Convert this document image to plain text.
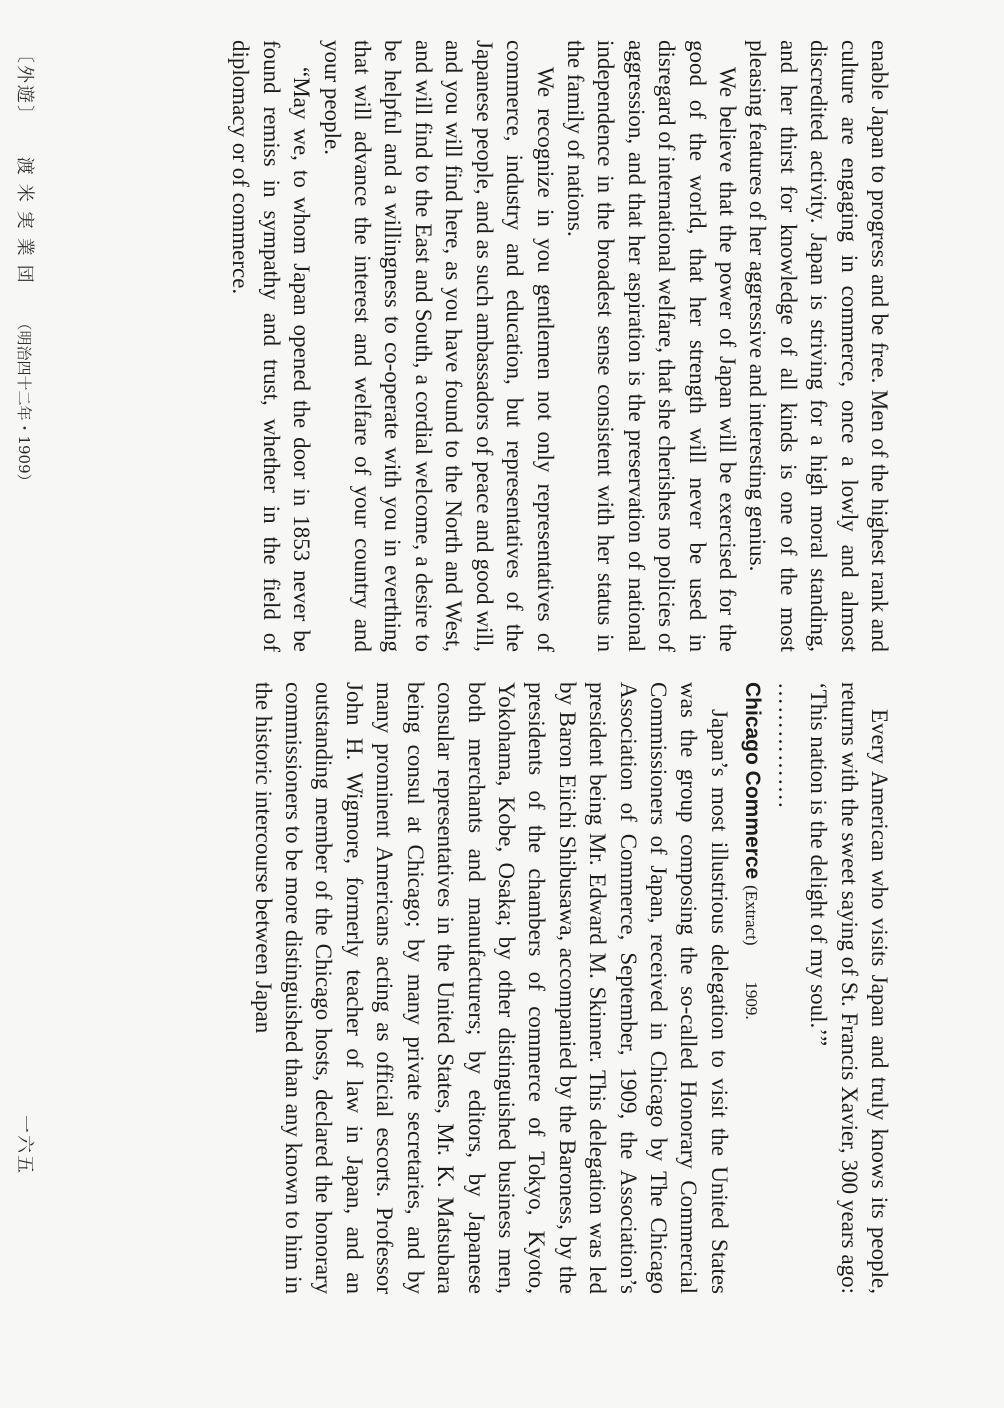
enable Japan to progress and be free. Men of the highest rank and culture are engaging in commerce, once a lowly and almost discredited activity. Japan is striving for a high moral standing, and her thirst for knowledge of all kinds is one of the most pleasing features of her aggressive and interesting genius.

We believe that the power of Japan will be exercised for the good of the world, that her strength will never be used in disregard of international welfare, that she cherishes no policies of aggression, and that her aspiration is the preservation of national independence in the broadest sense consistent with her status in the family of nations.

We recognize in you gentlemen not only representatives of commerce, industry and education, but representatives of the Japanese people, and as such ambassadors of peace and good will, and you will find here, as you have found to the North and West, and will find to the East and South, a cordial welcome, a desire to be helpful and a willingness to co-operate with you in everthing that will advance the interest and welfare of your country and your people.

“May we, to whom Japan opened the door in 1853 never be found remiss in sympathy and trust, whether in the field of diplomacy or of commerce.

Every American who visits Japan and truly knows its people, returns with the sweet saying of St. Francis Xavier, 300 years ago: ‘This nation is the delight of my soul.’”

…………….

Chicago Commerce (Extract) 1909.

Japan’s most illustrious delegation to visit the United States was the group composing the so-called Honorary Commercial Commissioners of Japan, received in Chicago by The Chicago Association of Commerce, September, 1909, the Association’s president being Mr. Edward M. Skinner. This delegation was led by Baron Eiichi Shibusawa, accompanied by the Baroness, by the presidents of the chambers of commerce of Tokyo, Kyoto, Yokohama, Kobe, Osaka; by other distinguished business men, both merchants and manufacturers; by editors, by Japanese consular representatives in the United States, Mr. K. Matsubara being consul at Chicago; by many private secretaries, and by many prominent Americans acting as official escorts. Professor John H. Wigmore, formerly teacher of law in Japan, and an outstanding member of the Chicago hosts, declared the honorary commissioners to be more distinguished than any known to him in the historic intercourse between Japan

〔外遊〕 渡米実業団 （明治四十二年・1909）
一六五
